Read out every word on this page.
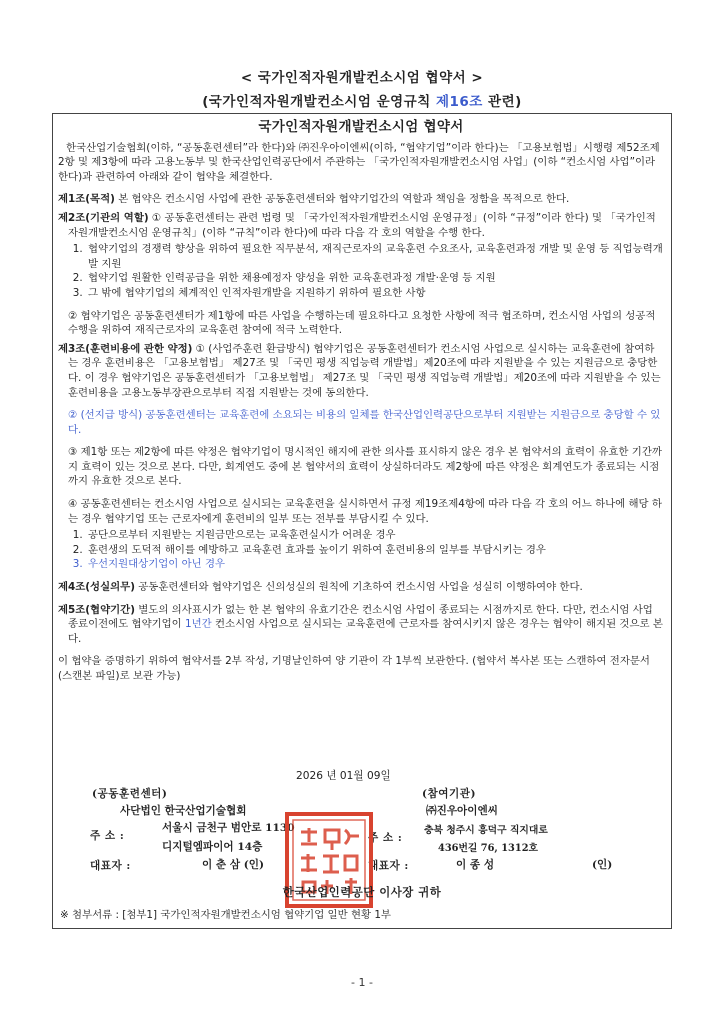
< 국가인적자원개발컨소시엄 협약서 >
(국가인적자원개발컨소시엄 운영규칙 제16조 관련)
국가인적자원개발컨소시엄 협약서

한국산업기술협회(이하, “공동훈련센터”라 한다)와 ㈜진우아이엔씨(이하, “협약기업”이라 한다)는 「고용보험법」시행령 제52조제2항 및 제3항에 따라 고용노동부 및 한국산업인력공단에서 주관하는 「국가인적자원개발컨소시엄 사업」(이하 “컨소시엄 사업”이라 한다)과 관련하여 아래와 같이 협약을 체결한다.

제1조(목적) 본 협약은 컨소시엄 사업에 관한 공동훈련센터와 협약기업간의 역할과 책임을 정함을 목적으로 한다.

제2조(기관의 역할) ① 공동훈련센터는 관련 법령 및 「국가인적자원개발컨소시엄 운영규정」(이하 “규정”이라 한다) 및 「국가인적자원개발컨소시엄 운영규칙」(이하 “규칙”이라 한다)에 따라 다음 각 호의 역할을 수행 한다.

1. 협약기업의 경쟁력 향상을 위하여 필요한 직무분석, 재직근로자의 교육훈련 수요조사, 교육훈련과정 개발 및 운영 등 직업능력개발 지원
2. 협약기업 원활한 인력공급을 위한 채용예정자 양성을 위한 교육훈련과정 개발·운영 등 지원
3. 그 밖에 협약기업의 체계적인 인적자원개발을 지원하기 위하여 필요한 사항

② 협약기업은 공동훈련센터가 제1항에 따른 사업을 수행하는데 필요하다고 요청한 사항에 적극 협조하며, 컨소시엄 사업의 성공적 수행을 위하여 재직근로자의 교육훈련 참여에 적극 노력한다.

제3조(훈련비용에 관한 약정) ① (사업주훈련 환급방식) 협약기업은 공동훈련센터가 컨소시엄 사업으로 실시하는 교육훈련에 참여하는 경우 훈련비용은 「고용보험법」 제27조 및 「국민 평생 직업능력 개발법」제20조에 따라 지원받을 수 있는 지원금으로 충당한다. 이 경우 협약기업은 공동훈련센터가 「고용보험법」 제27조 및 「국민 평생 직업능력 개발법」제20조에 따라 지원받을 수 있는 훈련비용을 고용노동부장관으로부터 직접 지원받는 것에 동의한다.

② (선지급 방식) 공동훈련센터는 교육훈련에 소요되는 비용의 일체를 한국산업인력공단으로부터 지원받는 지원금으로 충당할 수 있다.

③ 제1항 또는 제2항에 따른 약정은 협약기업이 명시적인 해지에 관한 의사를 표시하지 않은 경우 본 협약서의 효력이 유효한 기간까지 효력이 있는 것으로 본다. 다만, 회계연도 중에 본 협약서의 효력이 상실하더라도 제2항에 따른 약정은 회계연도가 종료되는 시점까지 유효한 것으로 본다.

④ 공동훈련센터는 컨소시엄 사업으로 실시되는 교육훈련을 실시하면서 규정 제19조제4항에 따라 다음 각 호의 어느 하나에 해당 하는 경우 협약기업 또는 근로자에게 훈련비의 일부 또는 전부를 부담시킬 수 있다.

1. 공단으로부터 지원받는 지원금만으로는 교육훈련실시가 어려운 경우
2. 훈련생의 도덕적 해이를 예방하고 교육훈련 효과를 높이기 위하여 훈련비용의 일부를 부담시키는 경우
3. 우선지원대상기업이 아닌 경우

제4조(성실의무) 공동훈련센터와 협약기업은 신의성실의 원칙에 기초하여 컨소시엄 사업을 성실히 이행하여야 한다.

제5조(협약기간) 별도의 의사표시가 없는 한 본 협약의 유효기간은 컨소시엄 사업이 종료되는 시점까지로 한다. 다만, 컨소시엄 사업 종료이전에도 협약기업이 1년간 컨소시엄 사업으로 실시되는 교육훈련에 근로자를 참여시키지 않은 경우는 협약이 해지된 것으로 본다.

이 협약을 증명하기 위하여 협약서를 2부 작성, 기명날인하여 양 기관이 각 1부씩 보관한다. (협약서 복사본 또는 스캔하여 전자문서(스캔본 파일)로 보관 가능)

2026 년 01월 09일
(공동훈련센터)
사단법인 한국산업기술협회
주 소 :
서울시 금천구 범안로 1130
디지털엠파이어 14층
대표자 :	이 춘 삼 (인)
(참여기관)
㈜진우아이엔씨
주 소 :
충북 청주시 흥덕구 직지대로
436번길 76, 1312호
대표자 :	이 종 성	(인)
한국산업인력공단 이사장 귀하
※ 첨부서류 : [첨부1] 국가인적자원개발컨소시엄 협약기업 일반 현황 1부
- 1 -
